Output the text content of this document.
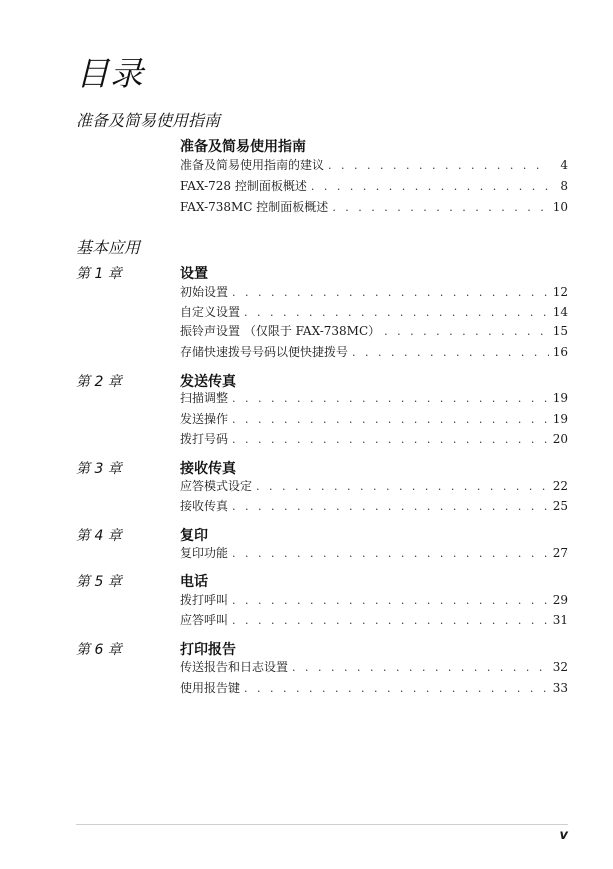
目录
准备及简易使用指南
准备及简易使用指南
准备及简易使用指南的建议 . . .	4
FAX-728 控制面板概述 . . .	8
FAX-738MC 控制面板概述 . . .	10
基本应用
第 1 章	设置
初始设置 . . .	12
自定义设置 . . .	14
振铃声设置 （仅限于 FAX-738MC） . . .	15
存储快速拨号号码以便快捷拨号 . . .	16
第 2 章	发送传真
扫描调整 . . .	19
发送操作 . . .	19
拨打号码 . . .	20
第 3 章	接收传真
应答模式设定 . . .	22
接收传真 . . .	25
第 4 章	复印
复印功能 . . .	27
第 5 章	电话
拨打呼叫 . . .	29
应答呼叫 . . .	31
第 6 章	打印报告
传送报告和日志设置 . . .	32
使用报告键 . . .	33
v
